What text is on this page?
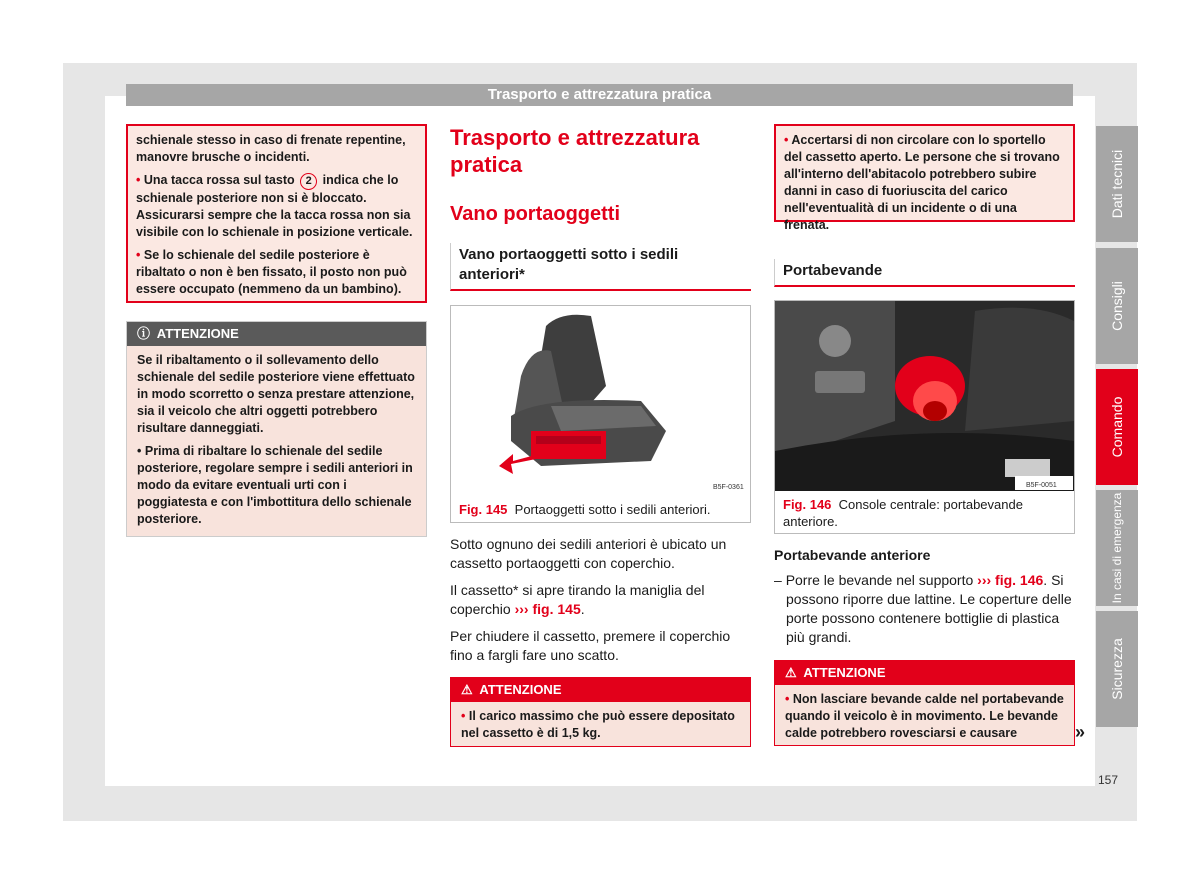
Trasporto e attrezzatura pratica

schienale stesso in caso di frenate repentine, manovre brusche o incidenti.

• Una tacca rossa sul tasto 2 indica che lo schienale posteriore non si è bloccato. Assicurarsi sempre che la tacca rossa non sia visibile con lo schienale in posizione verticale.

• Se lo schienale del sedile posteriore è ribaltato o non è ben fissato, il posto non può essere occupato (nemmeno da un bambino).

ⓘ ATTENZIONE

Se il ribaltamento o il sollevamento dello schienale del sedile posteriore viene effettuato in modo scorretto o senza prestare attenzione, sia il veicolo che altri oggetti potrebbero risultare danneggiati.

• Prima di ribaltare lo schienale del sedile posteriore, regolare sempre i sedili anteriori in modo da evitare eventuali urti con i poggiatesta e con l'imbottitura dello schienale posteriore.

Trasporto e attrezzatura pratica
Vano portaoggetti
Vano portaoggetti sotto i sedili anteriori*
B5F-0361
Fig. 145 Portaoggetti sotto i sedili anteriori.

Sotto ognuno dei sedili anteriori è ubicato un cassetto portaoggetti con coperchio.

Il cassetto* si apre tirando la maniglia del coperchio ››› fig. 145.

Per chiudere il cassetto, premere il coperchio fino a fargli fare uno scatto.

⚠ ATTENZIONE

• Il carico massimo che può essere depositato nel cassetto è di 1,5 kg.

• Accertarsi di non circolare con lo sportello del cassetto aperto. Le persone che si trovano all'interno dell'abitacolo potrebbero subire danni in caso di fuoriuscita del carico nell'eventualità di un incidente o di una frenata.

Portabevande
B5F-0051
Fig. 146 Console centrale: portabevande anteriore.

Portabevande anteriore

– Porre le bevande nel supporto ››› fig. 146. Si possono riporre due lattine. Le coperture delle porte possono contenere bottiglie di plastica più grandi.

⚠ ATTENZIONE

• Non lasciare bevande calde nel portabevande quando il veicolo è in movimento. Le bevande calde potrebbero rovesciarsi e causare	»
Dati tecnici
Consigli
Comando
In casi di emergenza
Sicurezza
157
